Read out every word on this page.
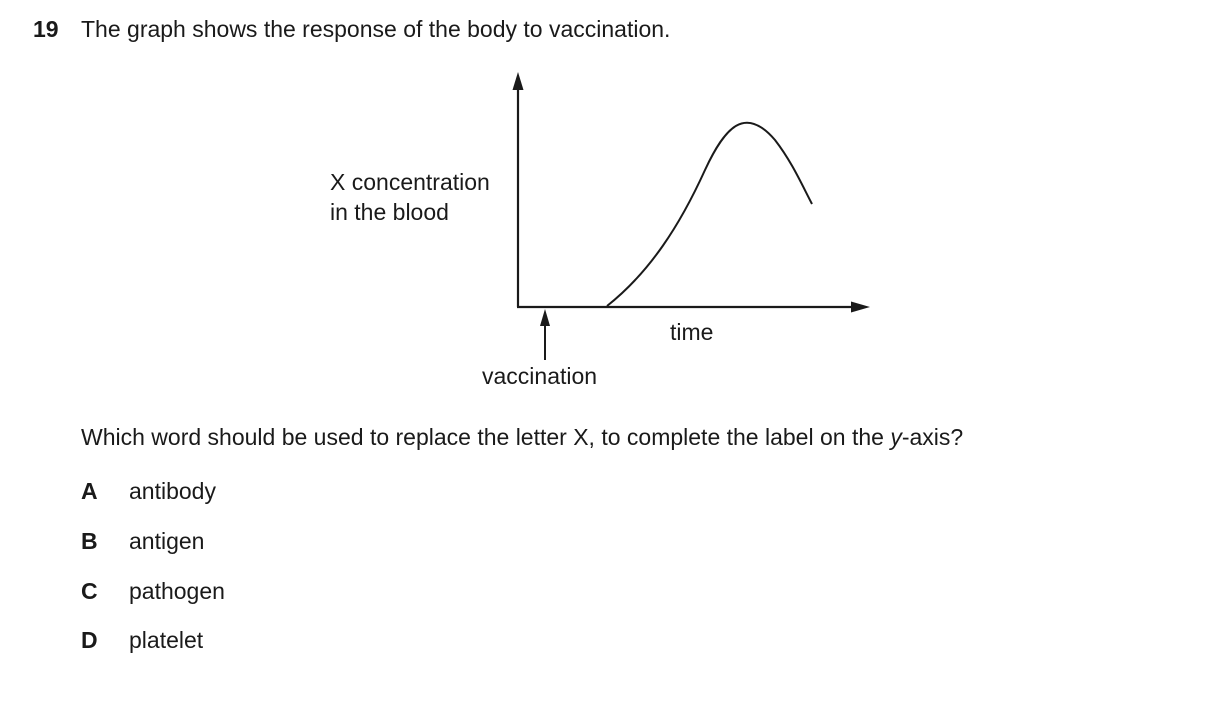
19 The graph shows the response of the body to vaccination.
X concentration
in the blood
time
vaccination
Which word should be used to replace the letter X, to complete the label on the y-axis?
A antibody
B antigen
C pathogen
D platelet
